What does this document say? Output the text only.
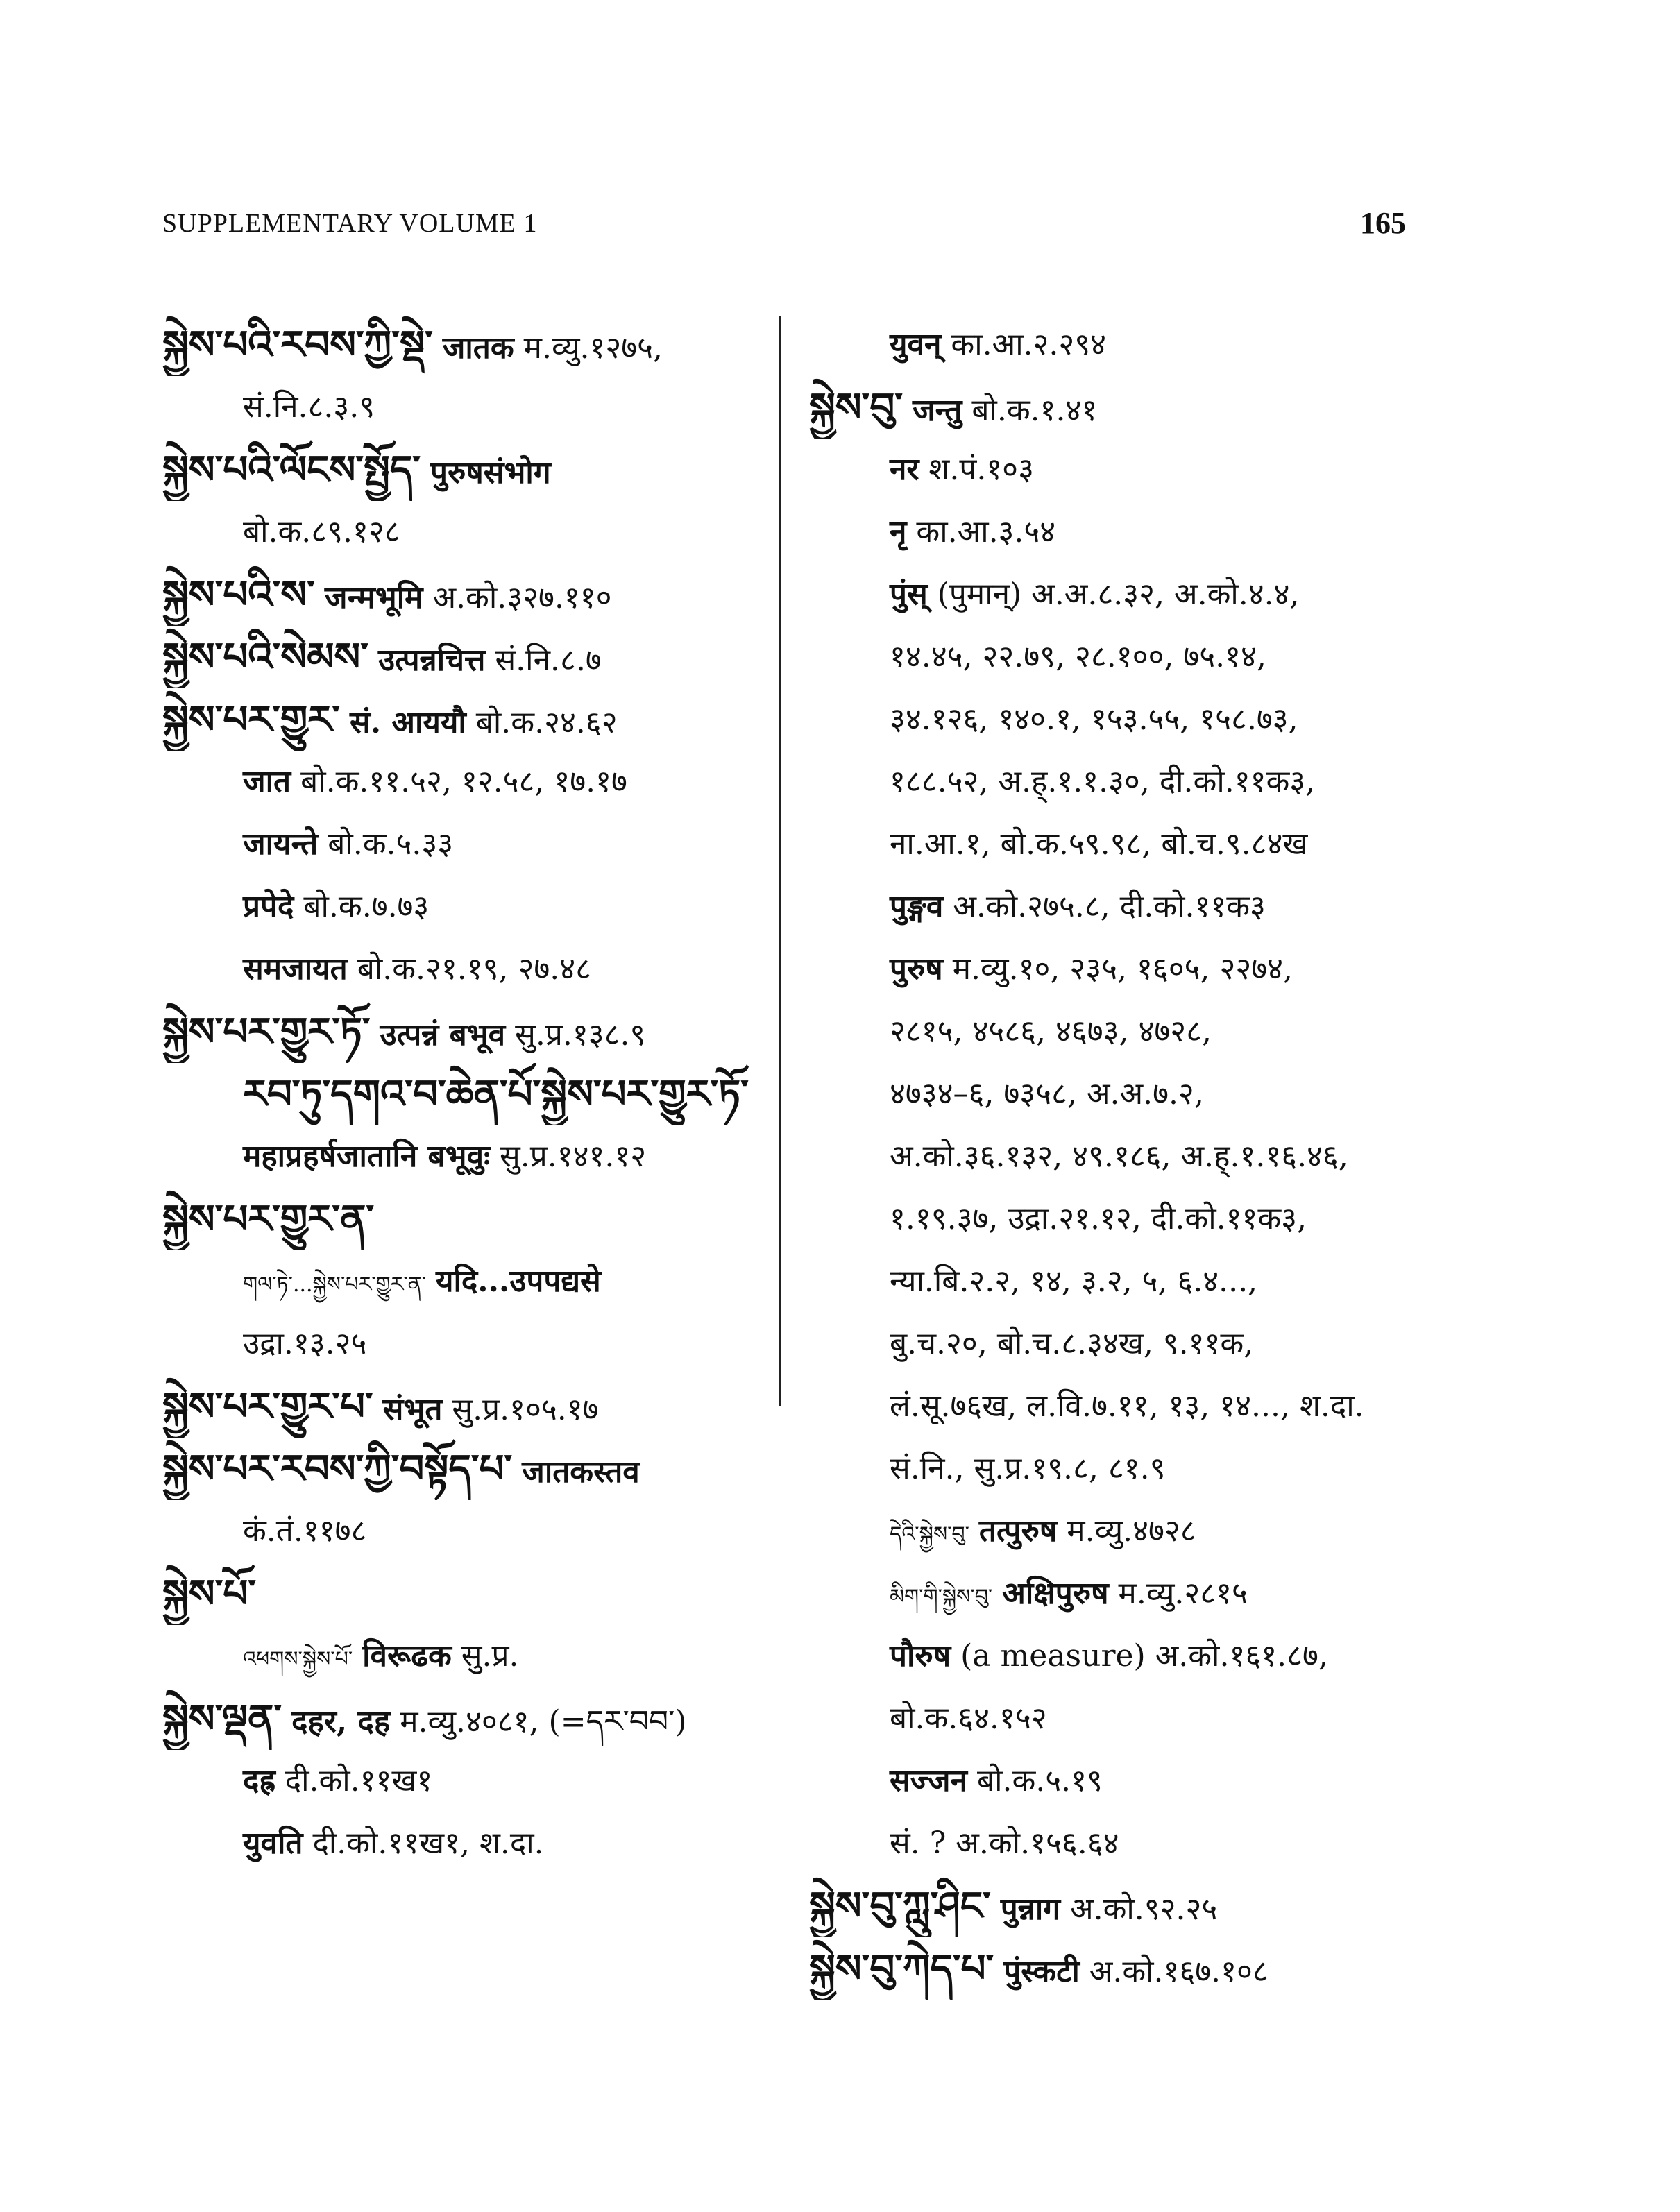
SUPPLEMENTARY VOLUME 1	165
སྐྱེས་པའི་རབས་ཀྱི་སྡེ་ जातक म.व्यु.१२७५,
सं.नि.८.३.९
སྐྱེས་པའི་ལོངས་སྤྱོད་ पुरुषसंभोग
बो.क.८९.१२८
སྐྱེས་པའི་ས་ जन्मभूमि अ.को.३२७.११०
སྐྱེས་པའི་སེམས་ उत्पन्नचित्त सं.नि.८.७
སྐྱེས་པར་གྱུར་ सं. आययौ बो.क.२४.६२
जात बो.क.११.५२, १२.५८, १७.१७
जायन्ते बो.क.५.३३
प्रपेदे बो.क.७.७३
समजायत बो.क.२१.१९, २७.४८
སྐྱེས་པར་གྱུར་ཏོ་ उत्पन्नं बभूव सु.प्र.१३८.९
རབ་ཏུ་དགའ་བ་ཆེན་པོ་སྐྱེས་པར་གྱུར་ཏོ་
महाप्रहर्षजातानि बभूवुः सु.प्र.१४१.१२
སྐྱེས་པར་གྱུར་ན་
གལ་ཏེ་...སྐྱེས་པར་གྱུར་ན་ यदि...उपपद्यसे
उद्रा.१३.२५
སྐྱེས་པར་གྱུར་པ་ संभूत सु.प्र.१०५.१७
སྐྱེས་པར་རབས་ཀྱི་བསྟོད་པ་ जातकस्तव
कं.तं.११७८
སྐྱེས་པོ་
འཕགས་སྐྱེས་པོ་ विरूढक सु.प्र.
སྐྱེས་ལྡན་ दहर, दह म.व्यु.४०८१, (=དར་བབ་)
दह्र दी.को.११ख१
युवति दी.को.११ख१, श.दा.
युवन् का.आ.२.२९४
སྐྱེས་བུ་ जन्तु बो.क.१.४१
नर श.पं.१०३
नृ का.आ.३.५४
पुंस् (पुमान्) अ.अ.८.३२, अ.को.४.४,
१४.४५, २२.७९, २८.१००, ७५.१४,
३४.१२६, १४०.१, १५३.५५, १५८.७३,
१८८.५२, अ.ह्.१.१.३०, दी.को.११क३,
ना.आ.१, बो.क.५९.९८, बो.च.९.८४ख
पुङ्गव अ.को.२७५.८, दी.को.११क३
पुरुष म.व्यु.१०, २३५, १६०५, २२७४,
२८१५, ४५८६, ४६७३, ४७२८,
४७३४–६, ७३५८, अ.अ.७.२,
अ.को.३६.१३२, ४९.१८६, अ.ह्.१.१६.४६,
१.१९.३७, उद्रा.२१.१२, दी.को.११क३,
न्या.बि.२.२, १४, ३.२, ५, ६.४...,
बु.च.२०, बो.च.८.३४ख, ९.११क,
लं.सू.७६ख, ल.वि.७.११, १३, १४..., श.दा.
सं.नि., सु.प्र.१९.८, ८१.९
དེའི་སྐྱེས་བུ་ तत्पुरुष म.व्यु.४७२८
མིག་གི་སྐྱེས་བུ་ अक्षिपुरुष म.व्यु.२८१५
पौरुष (a measure) अ.को.१६१.८७,
बो.क.६४.१५२
सज्जन बो.क.५.१९
सं. ? अ.को.१५६.६४
སྐྱེས་བུ་ཀླུ་ཤིང་ पुन्नाग अ.को.९२.२५
སྐྱེས་བུ་ཀེད་པ་ पुंस्कटी अ.को.१६७.१०८
